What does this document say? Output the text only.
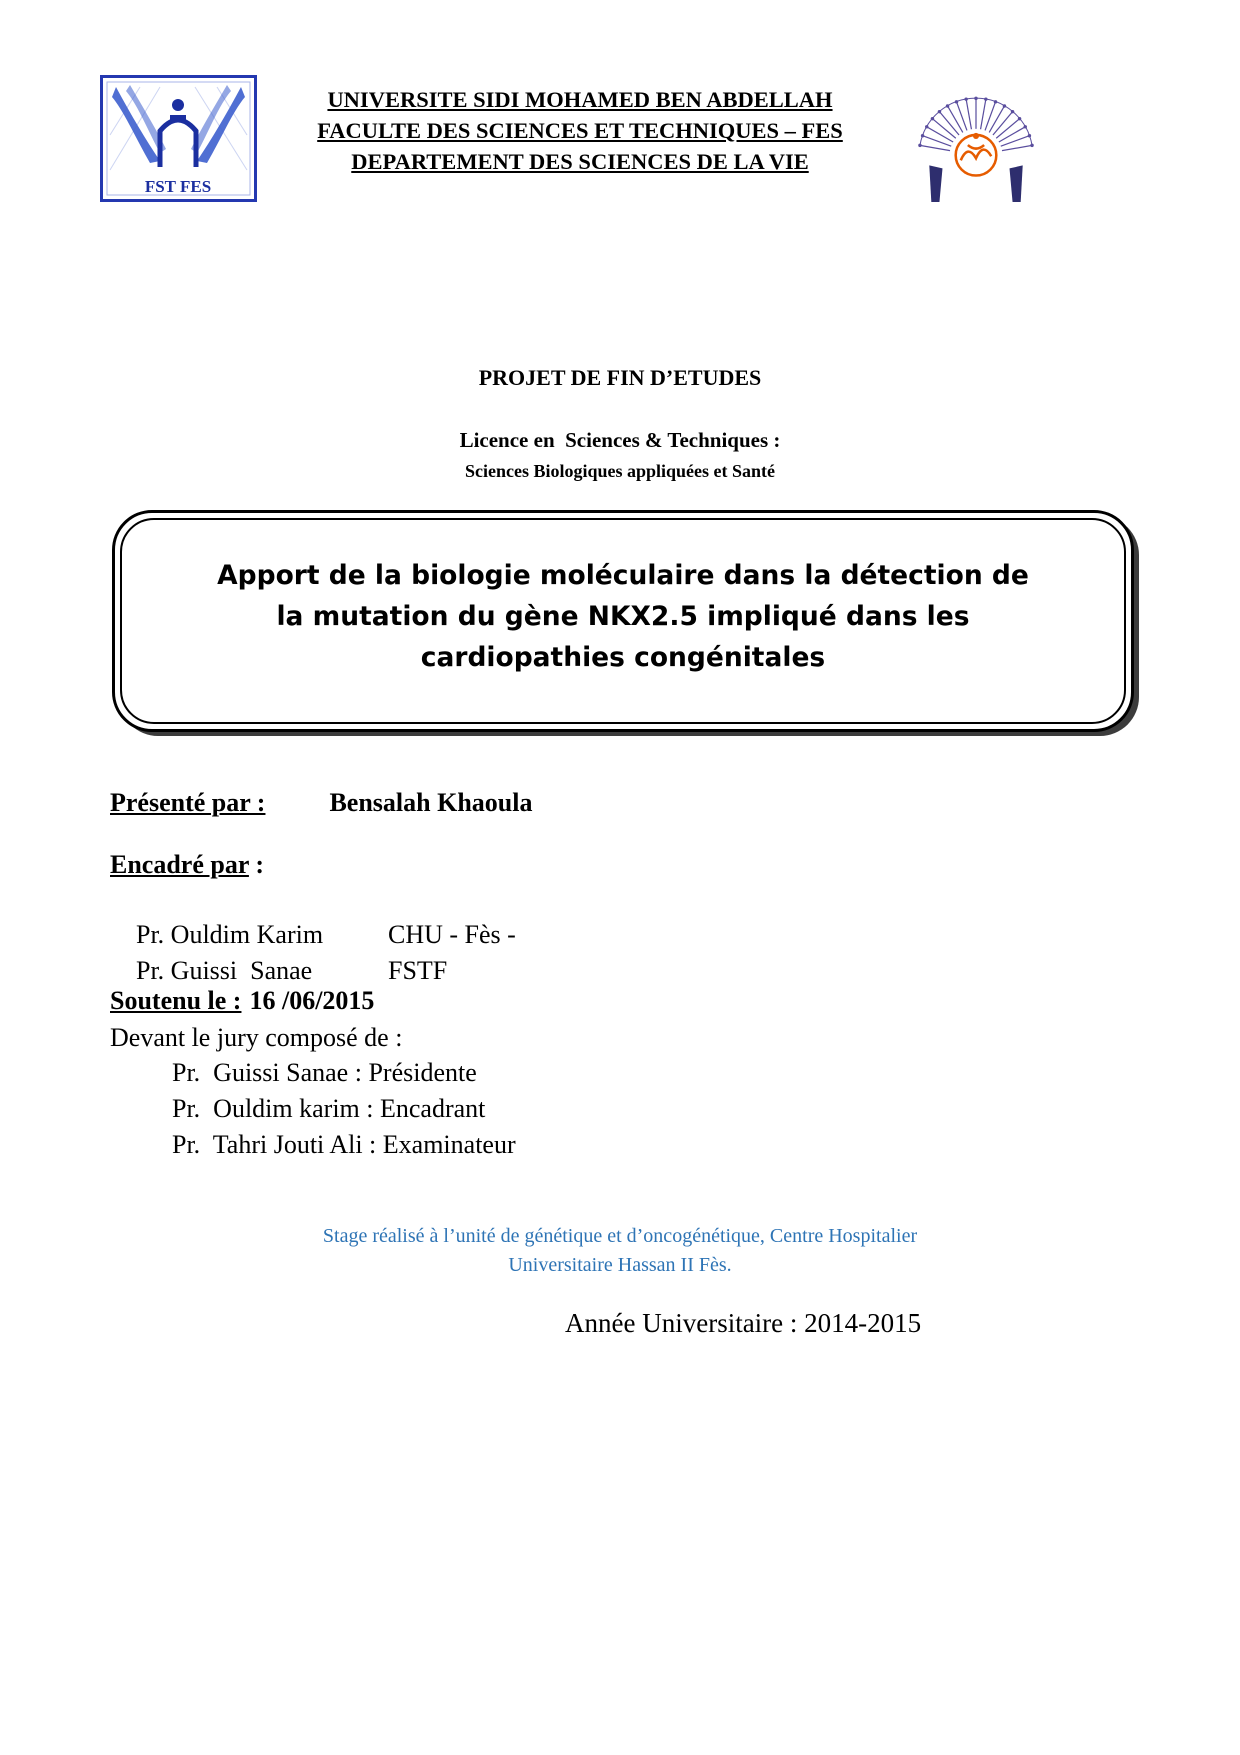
FST FES
UNIVERSITE SIDI MOHAMED BEN ABDELLAH
FACULTE DES SCIENCES ET TECHNIQUES – FES
DEPARTEMENT DES SCIENCES DE LA VIE
PROJET DE FIN D’ETUDES
Licence en  Sciences & Techniques :
Sciences Biologiques appliquées et Santé
Apport de la biologie moléculaire dans la détection de
la mutation du gène NKX2.5 impliqué dans les
cardiopathies congénitales
Présenté par : Bensalah Khaoula
Encadré par :

Pr. Ouldim Karim CHU - Fès -

Pr. Guissi  Sanae	FSTF

Soutenu le : 16 /06/2015
Devant le jury composé de :
Pr.  Guissi Sanae : Présidente
Pr.  Ouldim karim : Encadrant
Pr.  Tahri Jouti Ali : Examinateur
Stage réalisé à l’unité de génétique et d’oncogénétique, Centre Hospitalier
Universitaire Hassan II Fès.
Année Universitaire : 2014-2015
